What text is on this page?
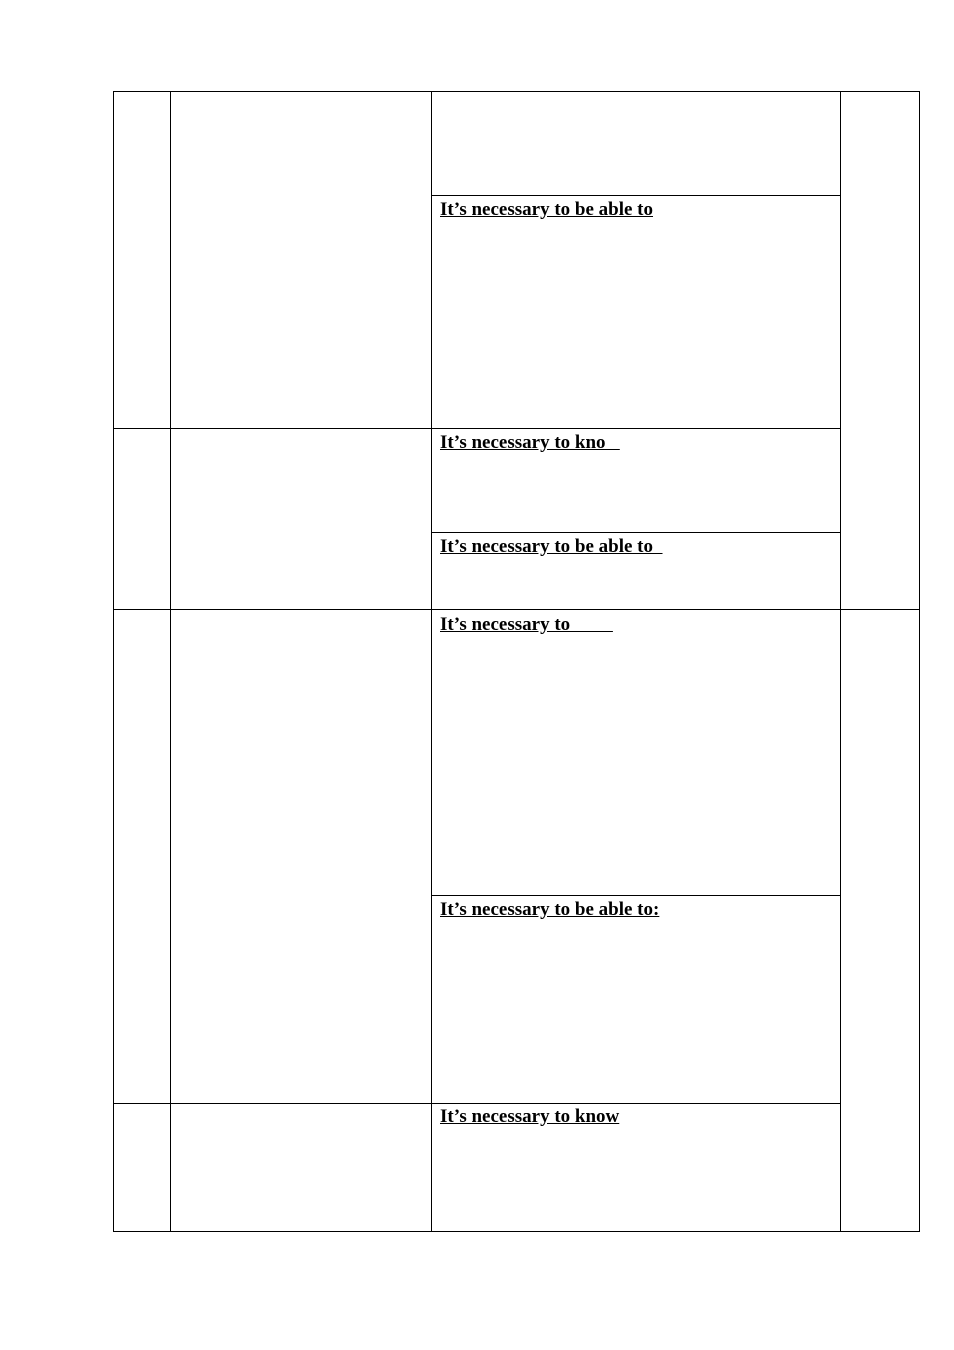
It’s necessary to be able to
It’s necessary to kno
It’s necessary to be able to
It’s necessary to
It’s necessary to be able to:
It’s necessary to know
